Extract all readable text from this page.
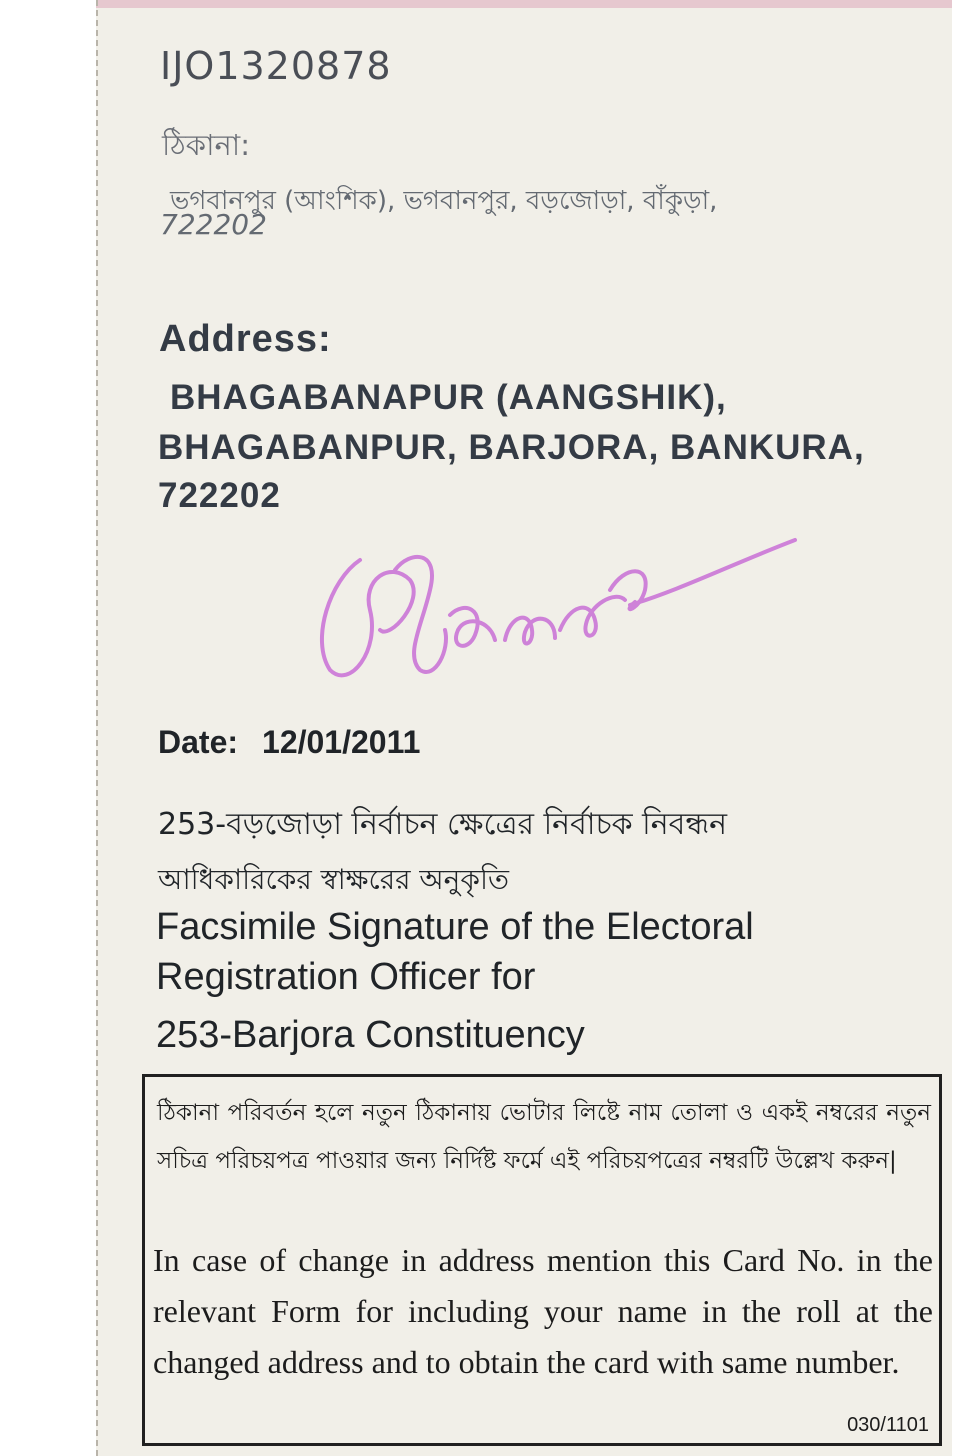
IJO1320878

ঠিকানা:

ভগবানপুর (আংশিক), ভগবানপুর, বড়জোড়া, বাঁকুড়া,

722202

Address:

BHAGABANAPUR (AANGSHIK),

BHAGABANPUR, BARJORA, BANKURA,

722202

Date: 12/01/2011

253-বড়জোড়া নির্বাচন ক্ষেত্রের নির্বাচক নিবন্ধন

আধিকারিকের স্বাক্ষরের অনুকৃতি

Facsimile Signature of the Electoral

Registration Officer for

253-Barjora Constituency

ঠিকানা পরিবর্তন হলে নতুন ঠিকানায় ভোটার লিষ্টে নাম তোলা ও একই নম্বরের নতুন সচিত্র পরিচয়পত্র পাওয়ার জন্য নির্দিষ্ট ফর্মে এই পরিচয়পত্রের নম্বরটি উল্লেখ করুন|

In case of change in address mention this Card No. in the relevant Form for including your name in the roll at the changed address and to obtain the card with same number.

030/1101
